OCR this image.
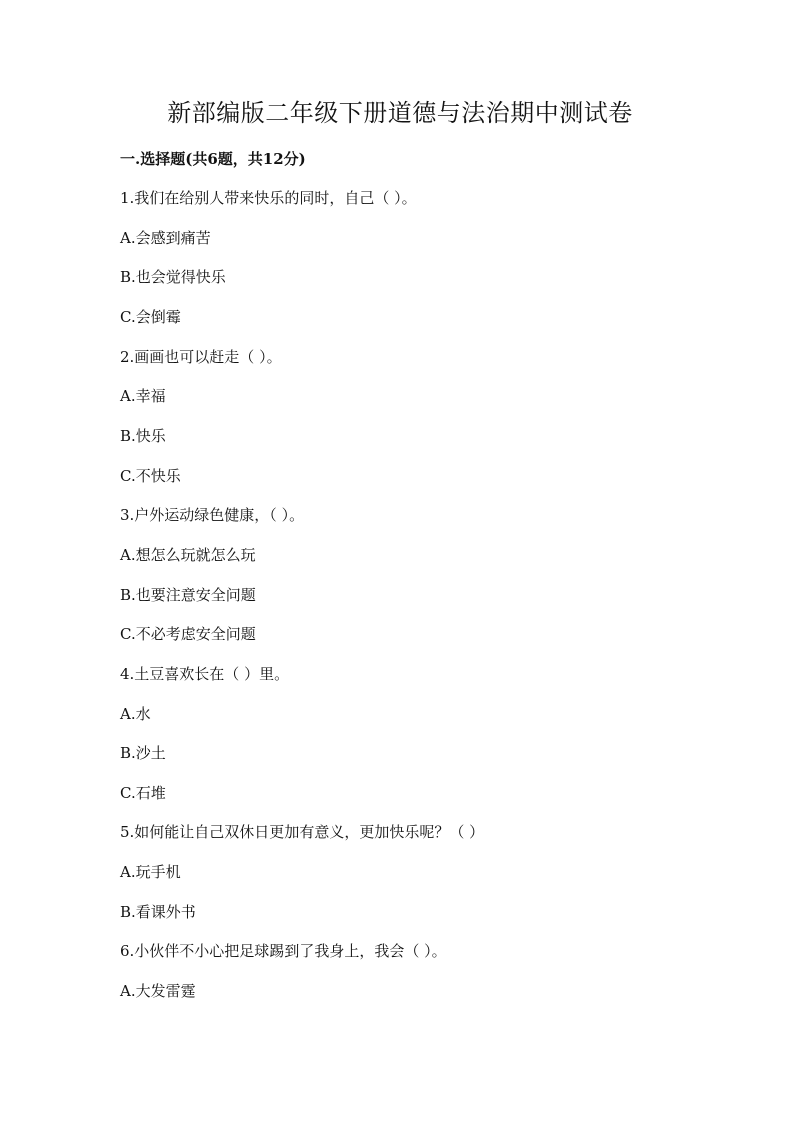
新部编版二年级下册道德与法治期中测试卷
一.选择题(共6题，共12分)
1.我们在给别人带来快乐的同时，自己（ ）。
A.会感到痛苦
B.也会觉得快乐
C.会倒霉
2.画画也可以赶走（ ）。
A.幸福
B.快乐
C.不快乐
3.户外运动绿色健康，（ ）。
A.想怎么玩就怎么玩
B.也要注意安全问题
C.不必考虑安全问题
4.土豆喜欢长在（ ）里。
A.水
B.沙土
C.石堆
5.如何能让自己双休日更加有意义，更加快乐呢？（ ）
A.玩手机
B.看课外书
6.小伙伴不小心把足球踢到了我身上，我会（ ）。
A.大发雷霆
